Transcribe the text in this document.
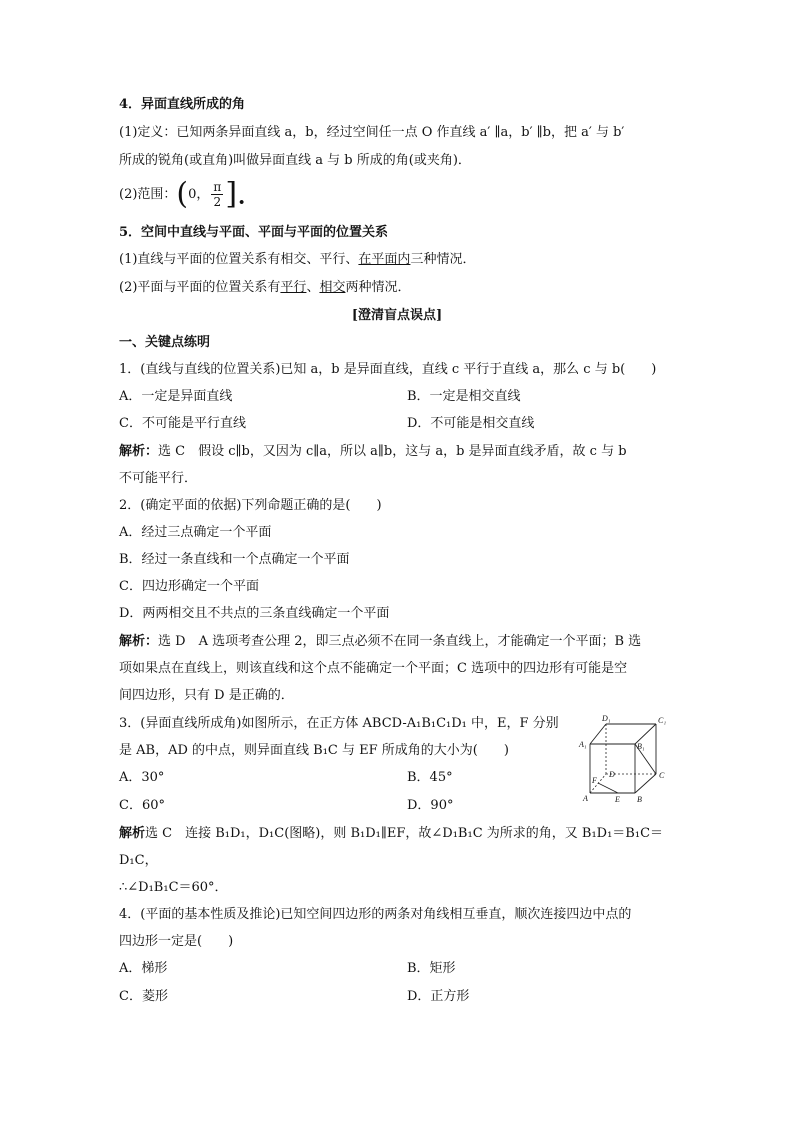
4．异面直线所成的角
(1)定义：已知两条异面直线 a，b，经过空间任一点 O 作直线 a′ ∥a，b′ ∥b，把 a′ 与 b′
所成的锐角(或直角)叫做异面直线 a 与 b 所成的角(或夹角)．
(2)范围：(0， $\frac{\pi}{2}$ ]．
5．空间中直线与平面、平面与平面的位置关系
(1)直线与平面的位置关系有相交、平行、在平面内三种情况．
(2)平面与平面的位置关系有平行、相交两种情况．
[澄清盲点误点]
一、关键点练明
1．(直线与直线的位置关系)已知 a，b 是异面直线，直线 c 平行于直线 a，那么 c 与 b(　　)
A．一定是异面直线	B．一定是相交直线
C．不可能是平行直线	D．不可能是相交直线
解析：选 C　假设 c∥b，又因为 c∥a，所以 a∥b，这与 a，b 是异面直线矛盾，故 c 与 b
不可能平行．
2．(确定平面的依据)下列命题正确的是(　　)
A．经过三点确定一个平面
B．经过一条直线和一个点确定一个平面
C．四边形确定一个平面
D．两两相交且不共点的三条直线确定一个平面
解析：选 D　A 选项考查公理 2，即三点必须不在同一条直线上，才能确定一个平面；B 选
项如果点在直线上，则该直线和这个点不能确定一个平面；C 选项中的四边形有可能是空
间四边形，只有 D 是正确的．
3．(异面直线所成角)如图所示，在正方体 ABCD-A₁B₁C₁D₁ 中，E，F 分别
是 AB，AD 的中点，则异面直线 B₁C 与 EF 所成角的大小为(　　)
A．30°	B．45°
C．60°	D．90°
D₁	C₁
A₁	B₁
D	C
F
A	E B
解析选 C　连接 B₁D₁，D₁C(图略)，则 B₁D₁∥EF，故∠D₁B₁C 为所求的角，又 B₁D₁＝B₁C＝
D₁C，
∴∠D₁B₁C＝60°．
4．(平面的基本性质及推论)已知空间四边形的两条对角线相互垂直，顺次连接四边中点的
四边形一定是(　　)
A．梯形	B．矩形
C．菱形	D．正方形
